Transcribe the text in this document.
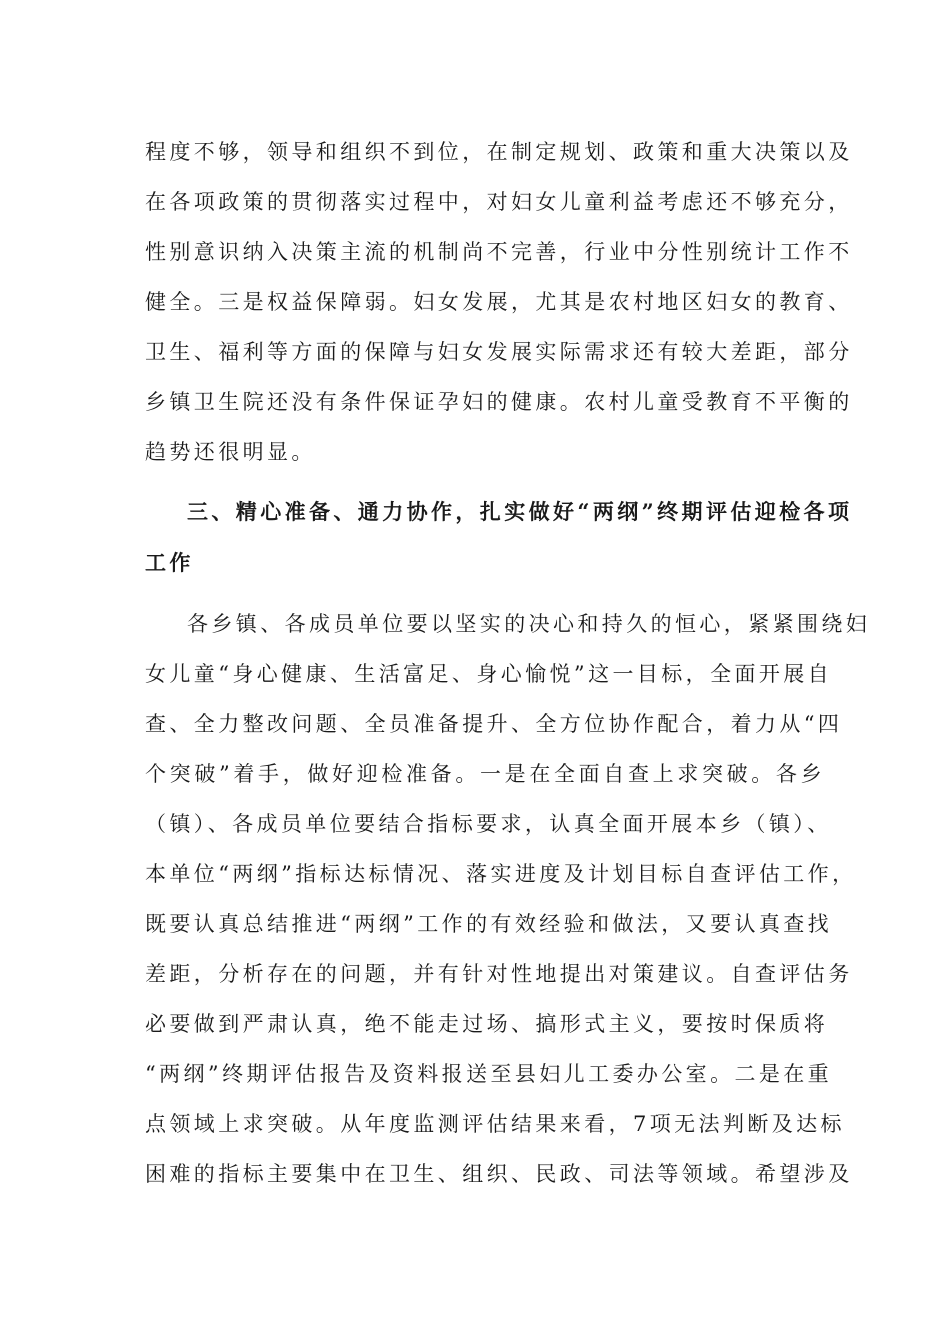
程度不够，领导和组织不到位，在制定规划、政策和重大决策以及
在各项政策的贯彻落实过程中，对妇女儿童利益考虑还不够充分，
性别意识纳入决策主流的机制尚不完善，行业中分性别统计工作不
健全。三是权益保障弱。妇女发展，尤其是农村地区妇女的教育、
卫生、福利等方面的保障与妇女发展实际需求还有较大差距，部分
乡镇卫生院还没有条件保证孕妇的健康。农村儿童受教育不平衡的
趋势还很明显。
三、精心准备、通力协作，扎实做好“两纲”终期评估迎检各项
工作
各乡镇、各成员单位要以坚实的决心和持久的恒心，紧紧围绕妇
女儿童“身心健康、生活富足、身心愉悦”这一目标，全面开展自
查、全力整改问题、全员准备提升、全方位协作配合，着力从“四
个突破”着手，做好迎检准备。一是在全面自查上求突破。各乡
（镇）、各成员单位要结合指标要求，认真全面开展本乡（镇）、
本单位“两纲”指标达标情况、落实进度及计划目标自查评估工作，
既要认真总结推进“两纲”工作的有效经验和做法，又要认真查找
差距，分析存在的问题，并有针对性地提出对策建议。自查评估务
必要做到严肃认真，绝不能走过场、搞形式主义，要按时保质将
“两纲”终期评估报告及资料报送至县妇儿工委办公室。二是在重
点领域上求突破。从年度监测评估结果来看，7项无法判断及达标
困难的指标主要集中在卫生、组织、民政、司法等领域。希望涉及
